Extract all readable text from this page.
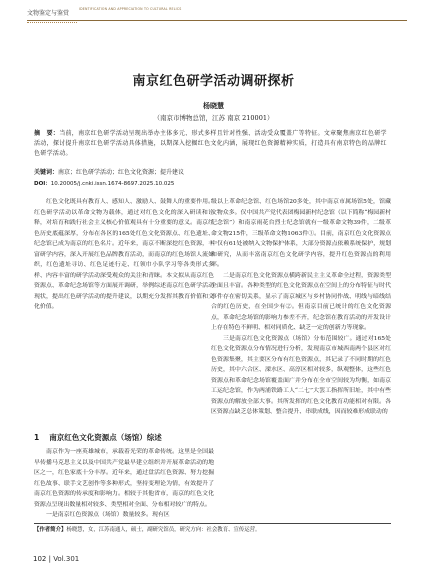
文物鉴定与鉴赏
IDENTIFICATION AND APPRECIATION TO CULTURAL RELICS
南京红色研学活动调研探析
杨晓慧
（南京市博物总馆，江苏 南京 210001）
摘　要：当前，南京红色研学活动呈现出举办主体多元、形式多样且针对性强、活动受众覆盖广等特征。文章聚焦南京红色研学活动，探讨提升南京红色研学活动具体措施，以期深入挖掘红色文化内涵，展现红色资源精神实质，打造具有南京特色的品牌红色研学活动。
关键词：南京；红色研学活动；红色文化资源；提升建议
DOI：10.20005/j.cnki.issn.1674-8697.2025.10.025

红色文化既具有教育人、感知人、激励人、鼓舞人的重要作用。红色研学活动以革命文物为载体，通过对红色文化的深入研读和诠释，对培育和践行社会主义核心价值观具有十分重要的意义。南京红色历史底蕴深厚，分布在各区的165处红色文化资源点、红色遗址、纪念馆已成为南京的红色名片。近年来，南京不断深挖红色资源，丰富研学内容，深入开展红色品牌教育活动，而南京的红色场馆人流如织，红色遗址寻访、红色足迹行走、红领巾小队学习等各类形式多样、内容丰富的研学活动深受观众的关注和青睐。本文拟从南京红色资源点、革命纪念场馆等方面展开调研，举例综述南京红色研学活动现状，提出红色研学活动的提升建议，以期充分发挥其教育价值和文化价值。

1 南京红色文化资源点（场馆）综述

南京作为一座英雄城市，承载着光荣的革命传统。这里是全国最早传播马克思主义以及中国共产党最早建立组织并开展革命活动的地区之一，红色家底十分丰厚。近年来，通过盘活红色资源、努力挖掘红色故事、联手文艺创作等多种形式，坚持变理论为情，有效提升了南京红色资源的传承度和影响力。相较于其他省市，南京的红色文化资源点呈现出数量相对较多、类型相对全面、分布相对较广的特点。

一是南京红色资源点（场馆）数量较多。现有区

级以上革命纪念馆、红色场馆20多处，其中南京市属场馆5处，馆藏文物众多。仅中国共产党代表团梅园新村纪念馆（以下简称“梅园新村纪念馆”）和南京雨花台烈士纪念馆就有一级革命文物39件，二级革命文物215件，三级革命文物1063件①。目前，南京红色文化资源点中仅有61处被纳入文物保护体系，大部分资源点依赖系统保护，规划和研究，从而丰富南京红色文化研学内容，提升红色资源点的利用率。

二是南京红色文化资源点横跨新民主主义革命全过程，资源类型全面且丰富。各种类型的红色文化资源点在空间上的分布特征与时代事件存在密切关系，显示了南京城区与乡村协同作战、明线与暗线结合的红色历史，在全国少有②。但南京目前已统计的红色文化资源点，革命纪念场馆的影响力参差不齐，纪念馆在教育活动的开发设计上存在特色不鲜明、相对同质化、缺乏一定的创新力等现象。

三是南京红色文化资源点（场馆）分布范围较广。通过对165处红色文化资源点分布情况进行分析，发现南京市城西南两个县区对红色资源集聚，其主要区分布有红色资源点，其记录了不同时期的红色历史，其中六合区、溧水区、高淳区相对较多，纵观整体，这些红色资源点和革命纪念场馆覆盖面广并分布在全市空间较为均衡，如南京工运纪念馆，作为两浦铁路工人“二七”大罢工指挥所旧址，其中有些资源点的解放全部大事。其所发挥的红色文化教育功能相对有限。各区资源点缺乏总体策划、整合提升、串联成线，因而较难形成联动的

【作者简介】杨晓慧，女，江苏南通人，硕士，副研究馆员，研究方向：社会教育、宣传运营。
102 | Vol.301
